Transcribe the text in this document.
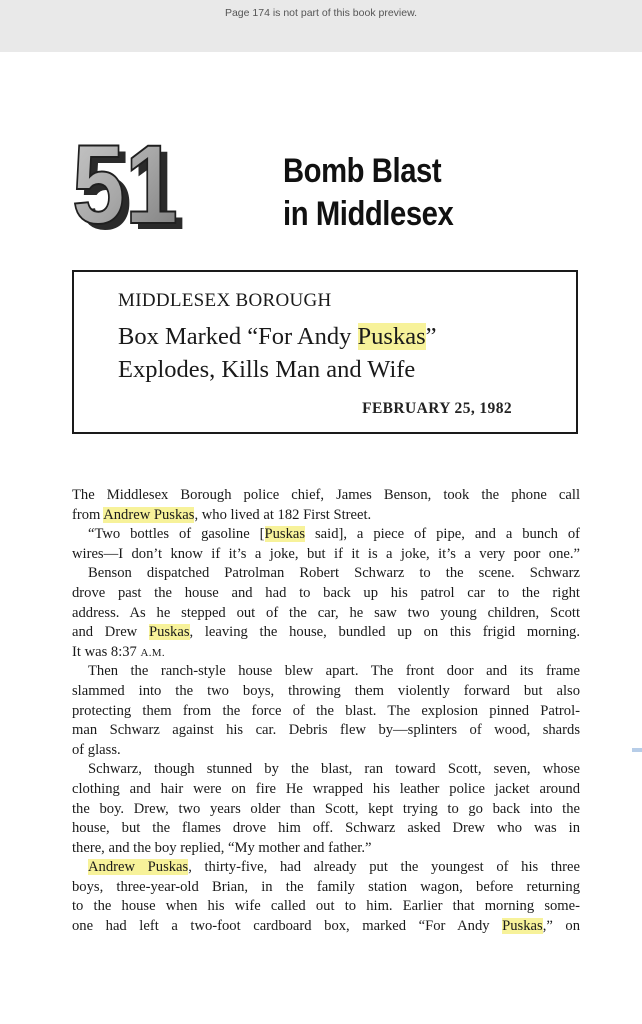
Page 174 is not part of this book preview.
51
51	Bomb Blast
in Middlesex
MIDDLESEX BOROUGH
Box Marked “For Andy Puskas”
Explodes, Kills Man and Wife
FEBRUARY 25, 1982
The Middlesex Borough police chief, James Benson, took the phone call
from Andrew Puskas, who lived at 182 First Street.
“Two bottles of gasoline [Puskas said], a piece of pipe, and a bunch of
wires—I don’t know if it’s a joke, but if it is a joke, it’s a very poor one.”
Benson dispatched Patrolman Robert Schwarz to the scene. Schwarz
drove past the house and had to back up his patrol car to the right
address. As he stepped out of the car, he saw two young children, Scott
and Drew Puskas, leaving the house, bundled up on this frigid morning.
It was 8:37 A.M.
Then the ranch-style house blew apart. The front door and its frame
slammed into the two boys, throwing them violently forward but also
protecting them from the force of the blast. The explosion pinned Patrol-
man Schwarz against his car. Debris flew by—splinters of wood, shards
of glass.
Schwarz, though stunned by the blast, ran toward Scott, seven, whose
clothing and hair were on fire He wrapped his leather police jacket around
the boy. Drew, two years older than Scott, kept trying to go back into the
house, but the flames drove him off. Schwarz asked Drew who was in
there, and the boy replied, “My mother and father.”
Andrew Puskas, thirty-five, had already put the youngest of his three
boys, three-year-old Brian, in the family station wagon, before returning
to the house when his wife called out to him. Earlier that morning some-
one had left a two-foot cardboard box, marked “For Andy Puskas,” on
